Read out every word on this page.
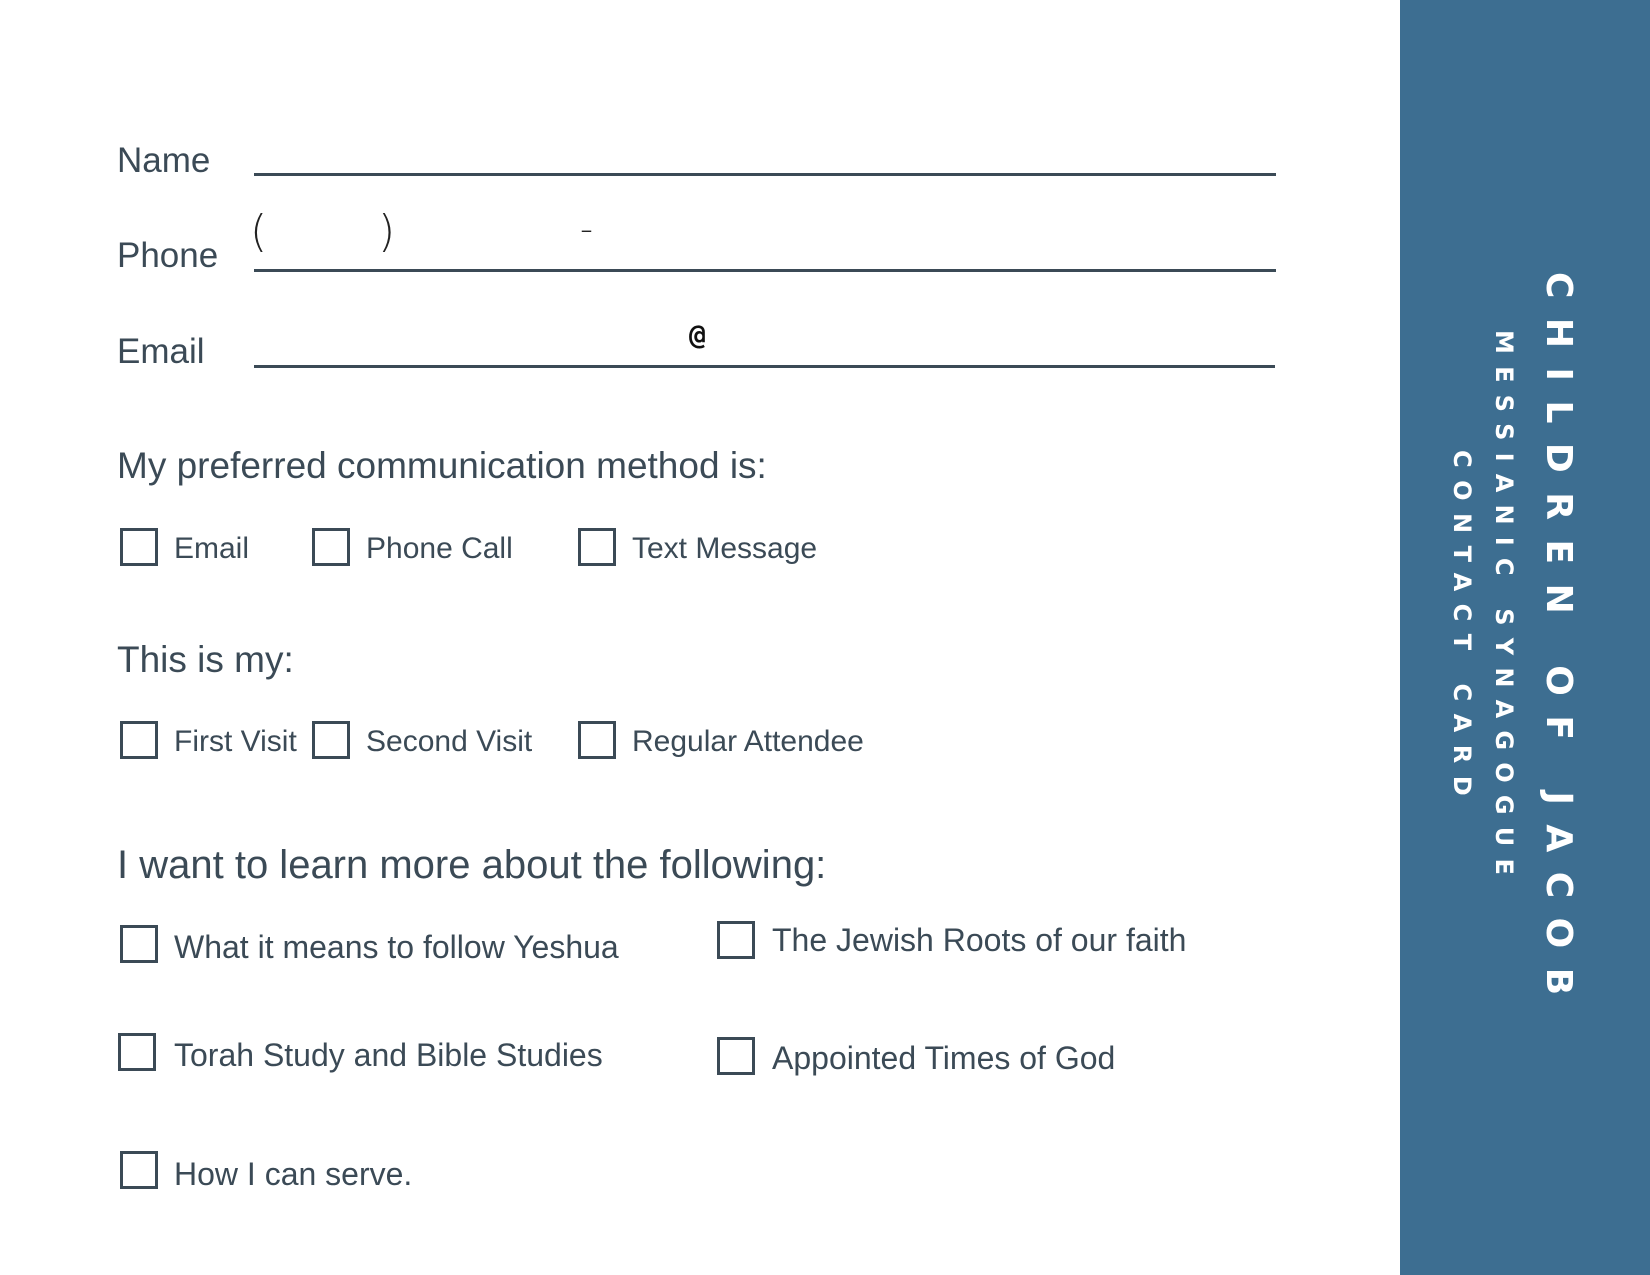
Name
Phone (	)	-
Email	@
My preferred communication method is:
Email	Phone Call	Text Message
This is my:
First Visit Second Visit	Regular Attendee
I want to learn more about the following:
What it means to follow Yeshua	The Jewish Roots of our faith
Torah Study and Bible Studies	Appointed Times of God
How I can serve.
CHILDREN OF JACOB
MESSIANIC SYNAGOGUE
CONTACT CARD
